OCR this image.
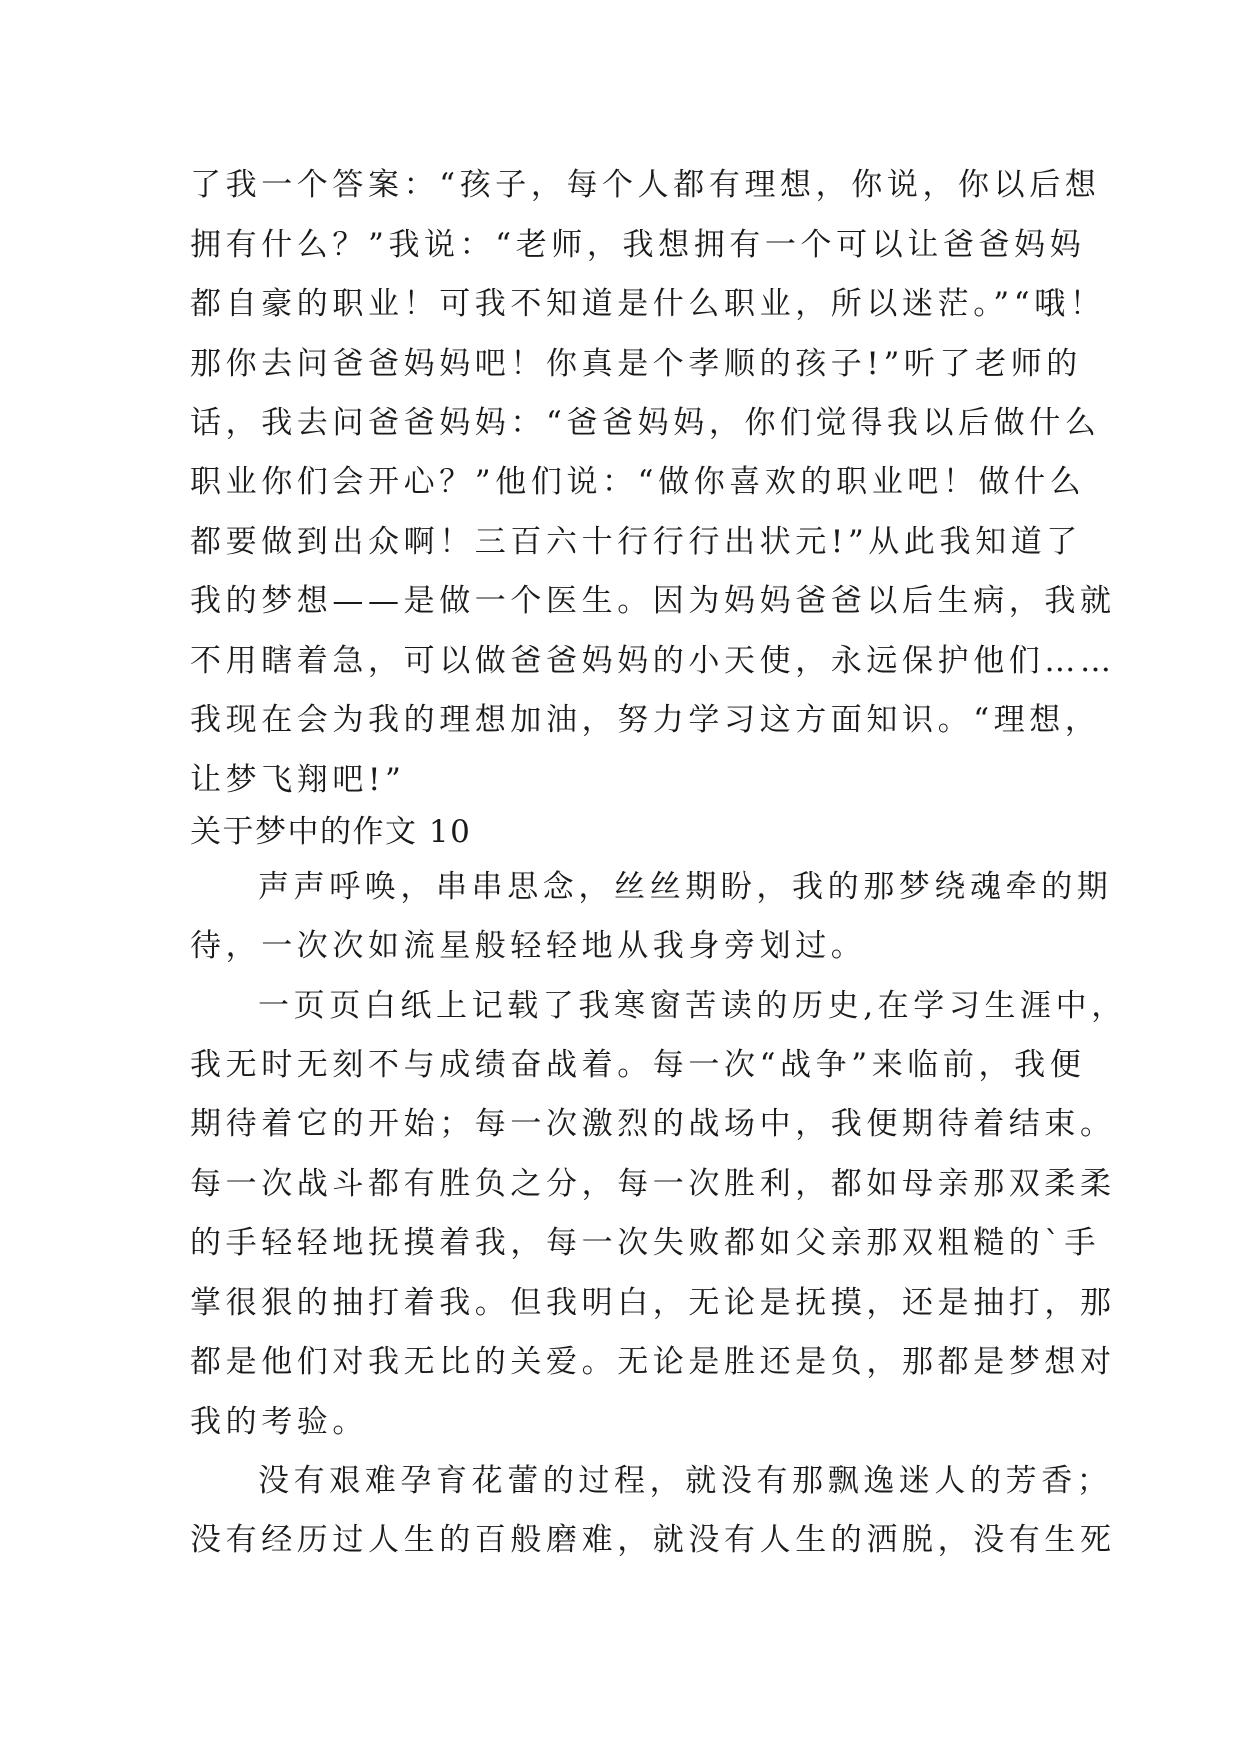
了我一个答案：“孩子，每个人都有理想，你说，你以后想
拥有什么？”我说：“老师，我想拥有一个可以让爸爸妈妈
都自豪的职业！可我不知道是什么职业，所以迷茫。”“哦！
那你去问爸爸妈妈吧！你真是个孝顺的孩子!”听了老师的
话，我去问爸爸妈妈：“爸爸妈妈，你们觉得我以后做什么
职业你们会开心？”他们说：“做你喜欢的职业吧！做什么
都要做到出众啊！三百六十行行行出状元!”从此我知道了
我的梦想——是做一个医生。因为妈妈爸爸以后生病，我就
不用瞎着急，可以做爸爸妈妈的小天使，永远保护他们……
我现在会为我的理想加油，努力学习这方面知识。“理想，
让梦飞翔吧!”
关于梦中的作文 10
声声呼唤，串串思念，丝丝期盼，我的那梦绕魂牵的期
待，一次次如流星般轻轻地从我身旁划过。
一页页白纸上记载了我寒窗苦读的历史,在学习生涯中，
我无时无刻不与成绩奋战着。每一次“战争”来临前，我便
期待着它的开始；每一次激烈的战场中，我便期待着结束。
每一次战斗都有胜负之分，每一次胜利，都如母亲那双柔柔
的手轻轻地抚摸着我，每一次失败都如父亲那双粗糙的`手
掌很狠的抽打着我。但我明白，无论是抚摸，还是抽打，那
都是他们对我无比的关爱。无论是胜还是负，那都是梦想对
我的考验。
没有艰难孕育花蕾的过程，就没有那飘逸迷人的芳香；
没有经历过人生的百般磨难，就没有人生的洒脱，没有生死
